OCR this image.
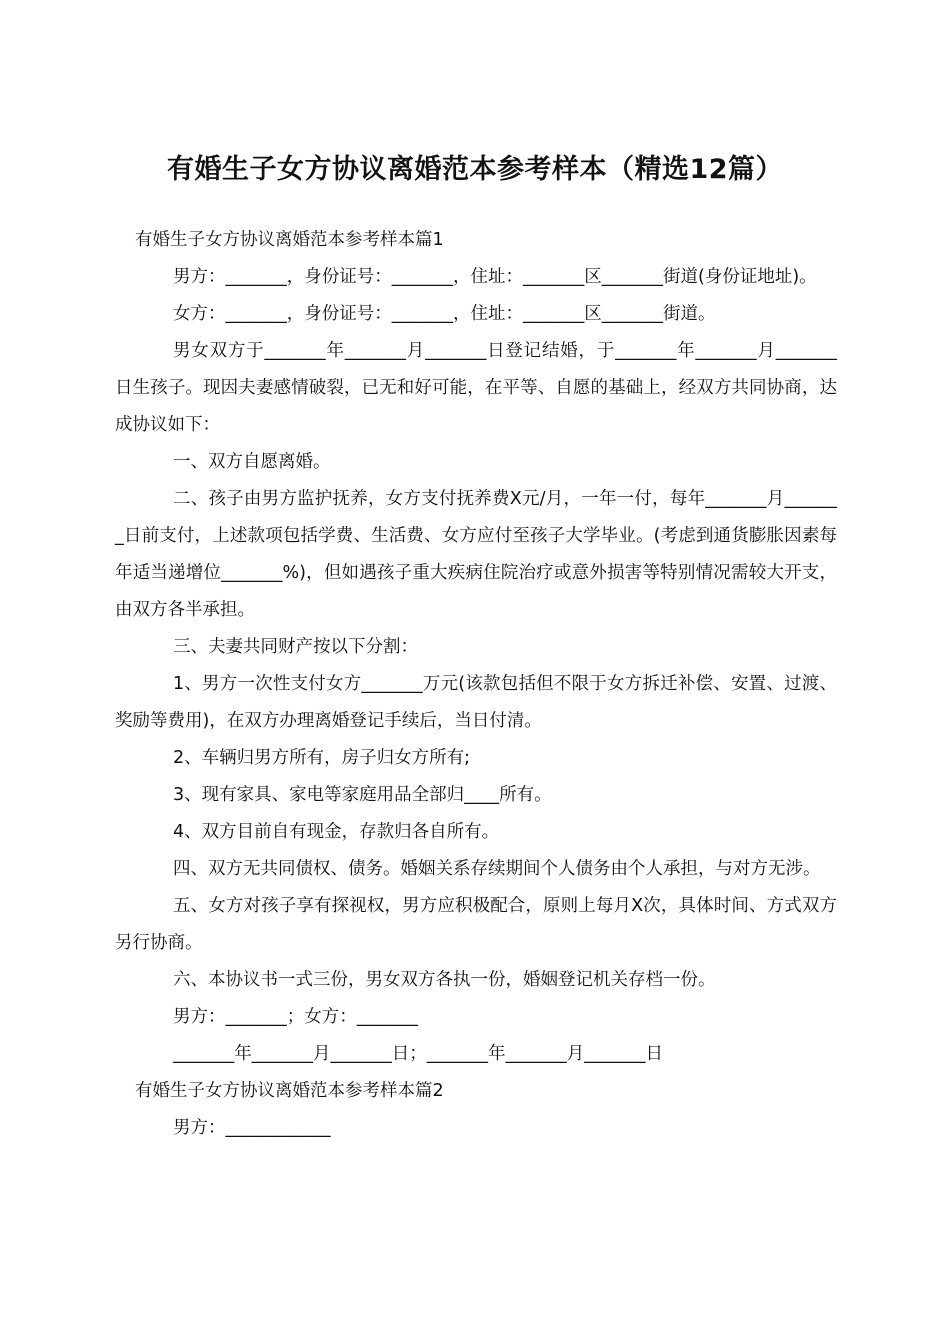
有婚生子女方协议离婚范本参考样本（精选12篇）

有婚生子女方协议离婚范本参考样本篇1

男方：_______，身份证号：_______，住址：_______区_______街道(身份证地址)。

女方：_______，身份证号：_______，住址：_______区_______街道。

男女双方于_______年_______月_______日登记结婚，于_______年_______月_______日生孩子。现因夫妻感情破裂，已无和好可能，在平等、自愿的基础上，经双方共同协商，达成协议如下：

一、双方自愿离婚。

二、孩子由男方监护抚养，女方支付抚养费X元/月，一年一付，每年_______月_______日前支付，上述款项包括学费、生活费、女方应付至孩子大学毕业。(考虑到通货膨胀因素每年适当递增位_______%)，但如遇孩子重大疾病住院治疗或意外损害等特别情况需较大开支，由双方各半承担。

三、夫妻共同财产按以下分割：

1、男方一次性支付女方_______万元(该款包括但不限于女方拆迁补偿、安置、过渡、奖励等费用)，在双方办理离婚登记手续后，当日付清。

2、车辆归男方所有，房子归女方所有;

3、现有家具、家电等家庭用品全部归____所有。

4、双方目前自有现金，存款归各自所有。

四、双方无共同债权、债务。婚姻关系存续期间个人债务由个人承担，与对方无涉。

五、女方对孩子享有探视权，男方应积极配合，原则上每月X次，具体时间、方式双方另行协商。

六、本协议书一式三份，男女双方各执一份，婚姻登记机关存档一份。

男方：_______；女方：_______

_______年_______月_______日；_______年_______月_______日

有婚生子女方协议离婚范本参考样本篇2

男方：____________
